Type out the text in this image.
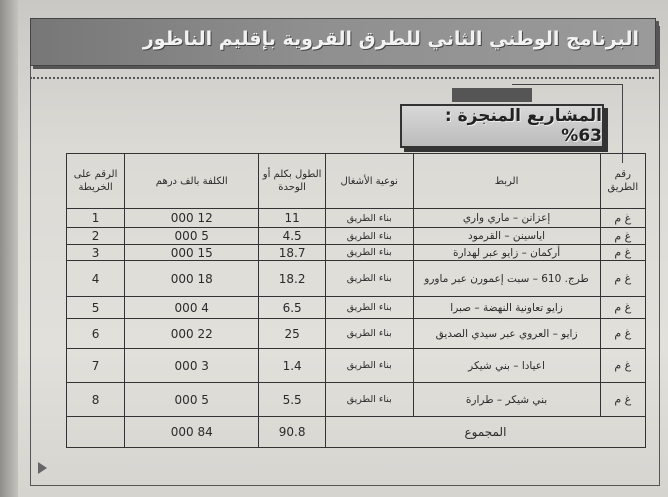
البرنامج الوطني الثاني للطرق القروية بإقليم الناظور
المشاريع المنجزة : 63%
رقم الطريق	الربط	نوعية الأشغال	الطول بكلم أو الوحدة	الكلفة بالف درهم	الرقم على الخريطة
غ م	إعزانن – ماري واري	بناء الطريق	11	12 000	1
غ م	اياسينن – القرمود	بناء الطريق	4.5	5 000	2
غ م	أركمان – زايو عبر لهدارة	بناء الطريق	18.7	15 000	3
غ م	طرج. 610 – سبت إعمورن عبر ماورو	بناء الطريق	18.2	18 000	4
غ م	زايو تعاونية النهضة – صبرا	بناء الطريق	6.5	4 000	5
غ م	زايو – العروي عبر سيدي الصديق	بناء الطريق	25	22 000	6
غ م	اعيادا – بني شيكر	بناء الطريق	1.4	3 000	7
غ م	بني شيكر – طرارة	بناء الطريق	5.5	5 000	8
المجموع			90.8	84 000	
